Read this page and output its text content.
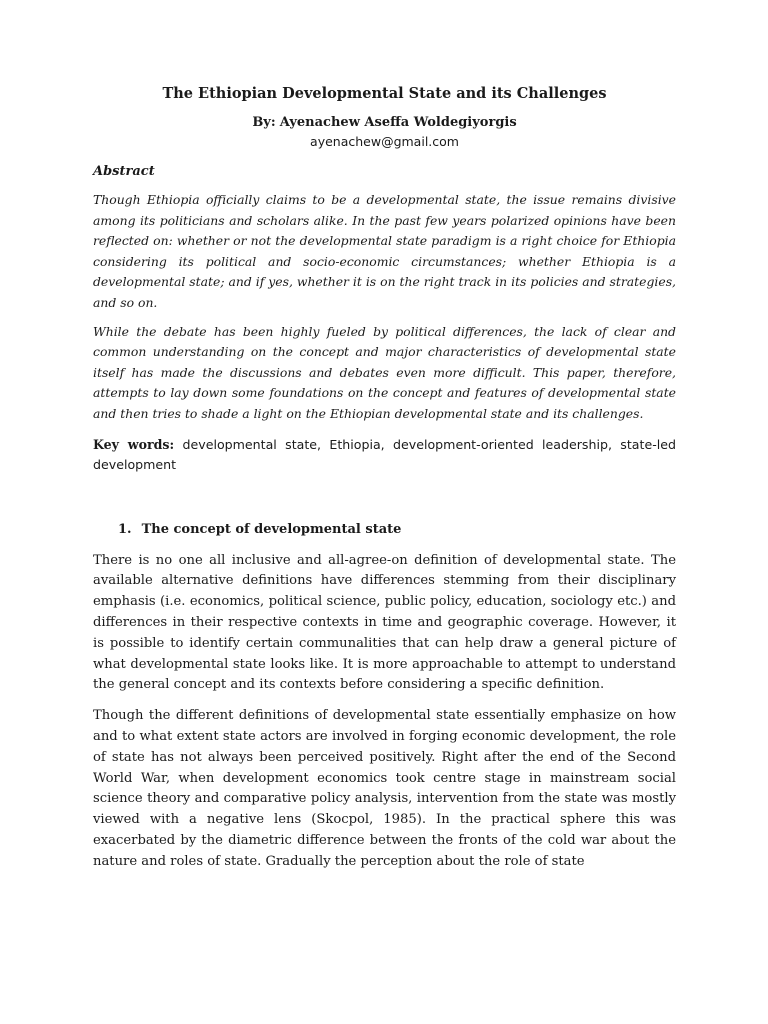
The Ethiopian Developmental State and its Challenges

By: Ayenachew Aseffa Woldegiyorgis

ayenachew@gmail.com

Abstract

Though Ethiopia officially claims to be a developmental state, the issue remains divisive among its politicians and scholars alike. In the past few years polarized opinions have been reflected on: whether or not the developmental state paradigm is a right choice for Ethiopia considering its political and socio-economic circumstances; whether Ethiopia is a developmental state; and if yes, whether it is on the right track in its policies and strategies, and so on.

While the debate has been highly fueled by political differences, the lack of clear and common understanding on the concept and major characteristics of developmental state itself has made the discussions and debates even more difficult. This paper, therefore, attempts to lay down some foundations on the concept and features of developmental state and then tries to shade a light on the Ethiopian developmental state and its challenges.

Key words: developmental state, Ethiopia, development-oriented leadership, state-led development

1. The concept of developmental state

There is no one all inclusive and all-agree-on definition of developmental state. The available alternative definitions have differences stemming from their disciplinary emphasis (i.e. economics, political science, public policy, education, sociology etc.) and differences in their respective contexts in time and geographic coverage. However, it is possible to identify certain communalities that can help draw a general picture of what developmental state looks like. It is more approachable to attempt to understand the general concept and its contexts before considering a specific definition.

Though the different definitions of developmental state essentially emphasize on how and to what extent state actors are involved in forging economic development, the role of state has not always been perceived positively. Right after the end of the Second World War, when development economics took centre stage in mainstream social science theory and comparative policy analysis, intervention from the state was mostly viewed with a negative lens (Skocpol, 1985). In the practical sphere this was exacerbated by the diametric difference between the fronts of the cold war about the nature and roles of state. Gradually the perception about the role of state
